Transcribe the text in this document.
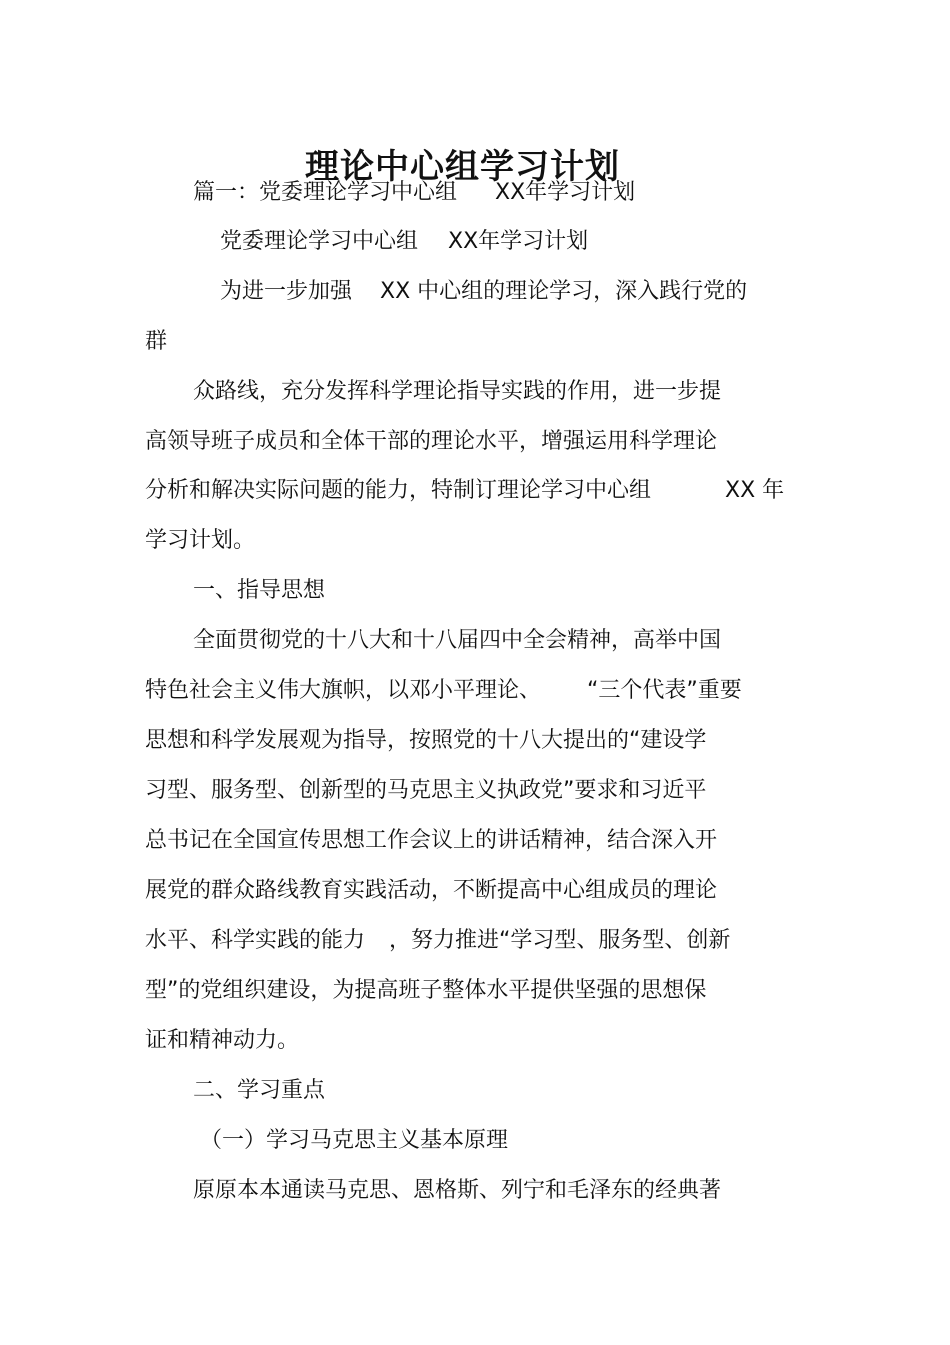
理论中心组学习计划

篇一：党委理论学习中心组 XX年学习计划

党委理论学习中心组 XX年学习计划

为进一步加强 XX 中心组的理论学习，深入践行党的

群

众路线，充分发挥科学理论指导实践的作用，进一步提

高领导班子成员和全体干部的理论水平，增强运用科学理论

分析和解决实际问题的能力，特制订理论学习中心组	XX 年

学习计划。

一、指导思想

全面贯彻党的十八大和十八届四中全会精神，高举中国

特色社会主义伟大旗帜，以邓小平理论、 “三个代表”重要

思想和科学发展观为指导，按照党的十八大提出的“建设学

习型、服务型、创新型的马克思主义执政党”要求和习近平

总书记在全国宣传思想工作会议上的讲话精神，结合深入开

展党的群众路线教育实践活动，不断提高中心组成员的理论

水平、科学实践的能力 ，努力推进“学习型、服务型、创新

型”的党组织建设，为提高班子整体水平提供坚强的思想保

证和精神动力。

二、学习重点

（一）学习马克思主义基本原理

原原本本通读马克思、恩格斯、列宁和毛泽东的经典著
